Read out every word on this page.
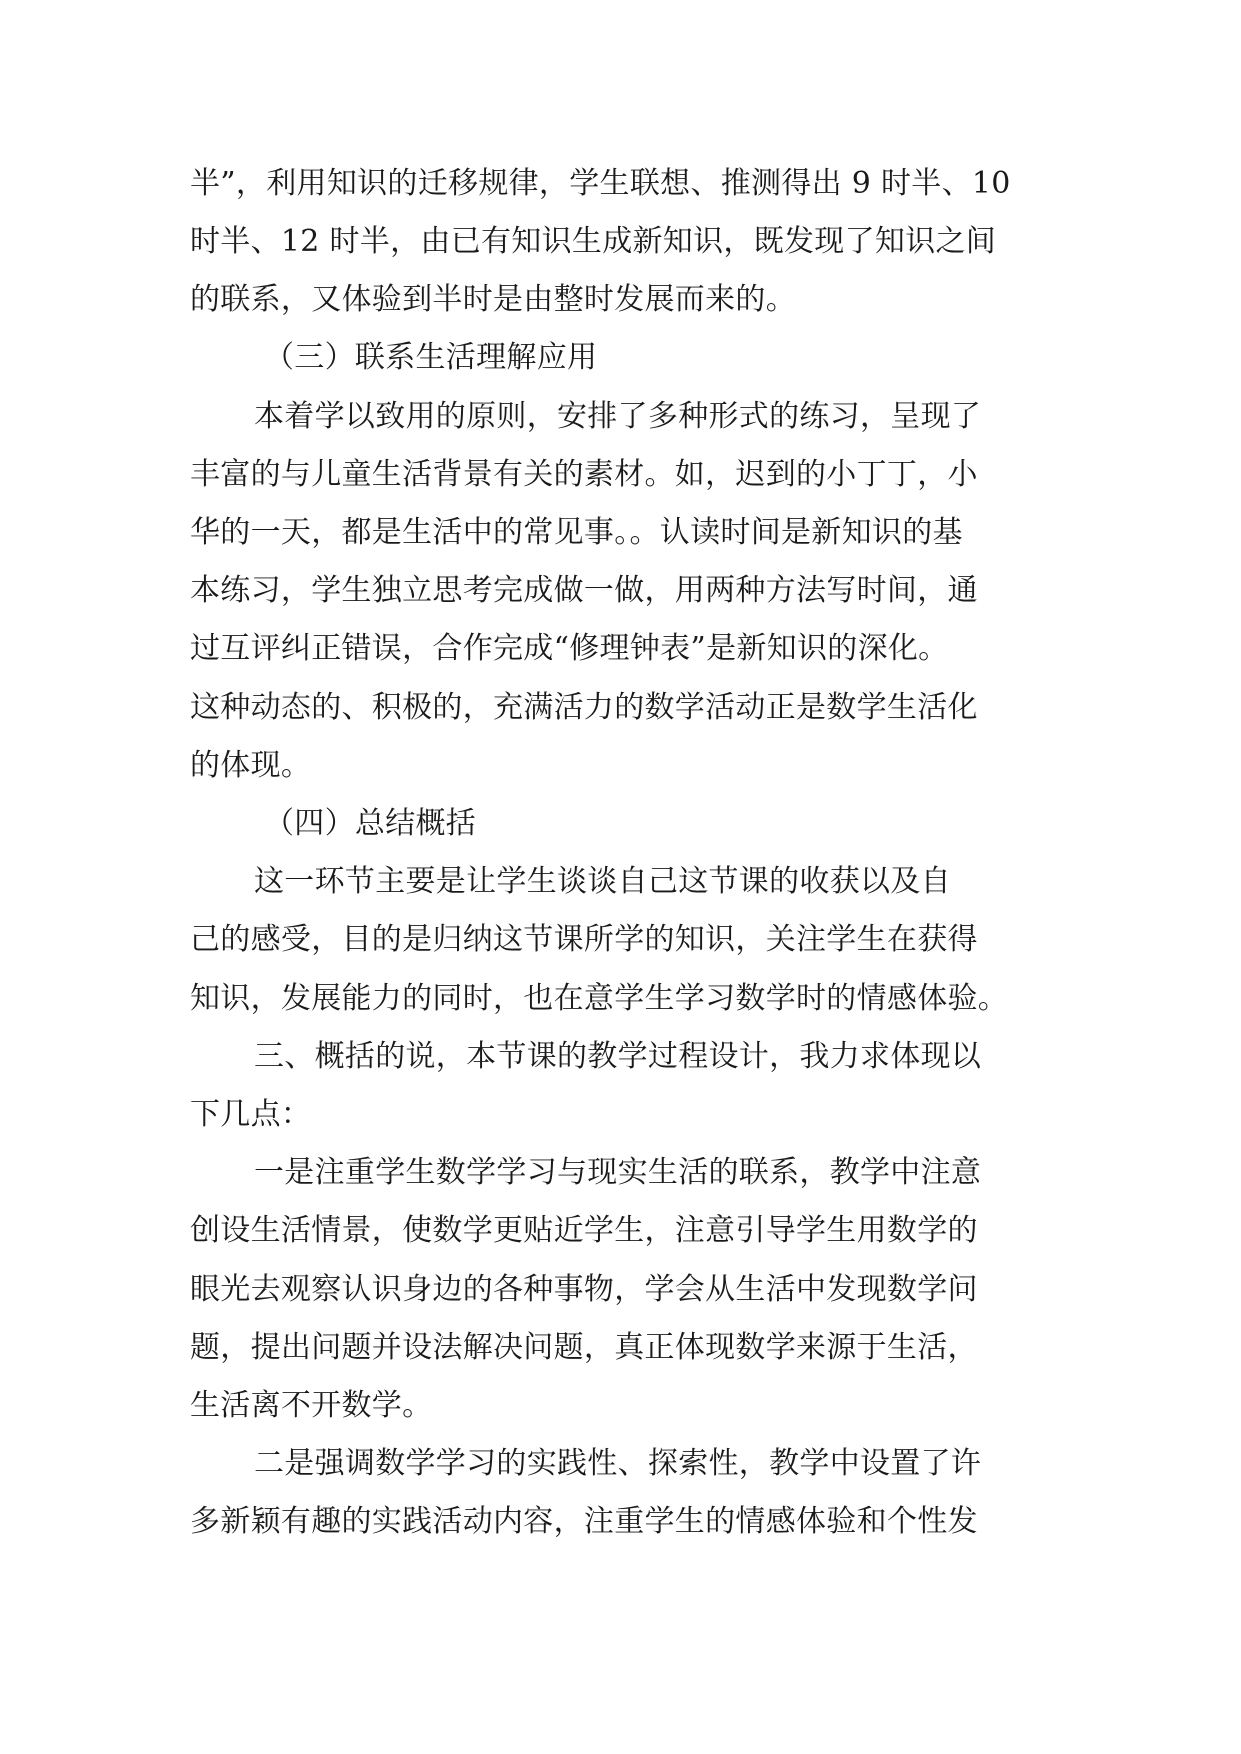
半”，利用知识的迁移规律，学生联想、推测得出 9 时半、10
时半、12 时半，由已有知识生成新知识，既发现了知识之间
的联系，又体验到半时是由整时发展而来的。
（三）联系生活理解应用
本着学以致用的原则，安排了多种形式的练习，呈现了
丰富的与儿童生活背景有关的素材。如，迟到的小丁丁，小
华的一天，都是生活中的常见事。。认读时间是新知识的基
本练习，学生独立思考完成做一做，用两种方法写时间，通
过互评纠正错误，合作完成“修理钟表”是新知识的深化。
这种动态的、积极的，充满活力的数学活动正是数学生活化
的体现。
（四）总结概括
这一环节主要是让学生谈谈自己这节课的收获以及自
己的感受，目的是归纳这节课所学的知识，关注学生在获得
知识，发展能力的同时，也在意学生学习数学时的情感体验。
三、概括的说，本节课的教学过程设计，我力求体现以
下几点：
一是注重学生数学学习与现实生活的联系，教学中注意
创设生活情景，使数学更贴近学生，注意引导学生用数学的
眼光去观察认识身边的各种事物，学会从生活中发现数学问
题，提出问题并设法解决问题，真正体现数学来源于生活，
生活离不开数学。
二是强调数学学习的实践性、探索性，教学中设置了许
多新颖有趣的实践活动内容，注重学生的情感体验和个性发
